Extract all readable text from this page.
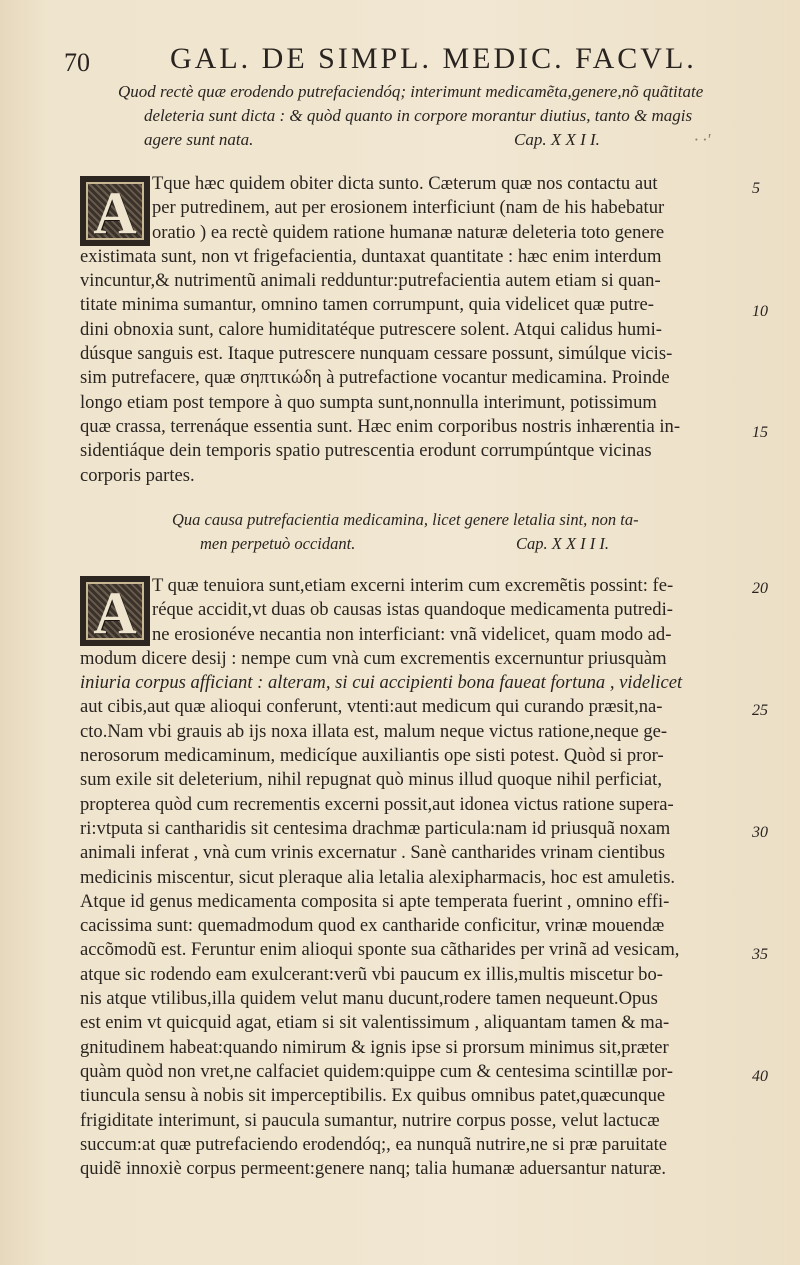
70	GAL. DE SIMPL. MEDIC. FACVL.

Quod rectè quæ erodendo putrefaciendóq; interimunt medicamẽta,genere,nõ quãtitate

deleteria sunt dicta : & quòd quanto in corpore morantur diutius, tanto & magis

agere sunt nata.	Cap. X X I I.	· ·'
A Tque hæc quidem obiter dicta sunto. Cæterum quæ nos contactu aut
per putredinem, aut per erosionem interficiunt (nam de his habebatur
oratio ) ea rectè quidem ratione humanæ naturæ deleteria toto genere
existimata sunt, non vt frigefacientia, duntaxat quantitate : hæc enim interdum
vincuntur,& nutrimentũ animali redduntur:putrefacientia autem etiam si quan-
titate minima sumantur, omnino tamen corrumpunt, quia videlicet quæ putre-
dini obnoxia sunt, calore humiditatéque putrescere solent. Atqui calidus humi-
dúsque sanguis est. Itaque putrescere nunquam cessare possunt, simúlque vicis-
sim putrefacere, quæ σηπτικώδη à putrefactione vocantur medicamina. Proinde
longo etiam post tempore à quo sumpta sunt,nonnulla interimunt, potissimum
quæ crassa, terrenáque essentia sunt. Hæc enim corporibus nostris inhærentia in-
sidentiáque dein temporis spatio putrescentia erodunt corrumpúntque vicinas
corporis partes.

Qua causa putrefacientia medicamina, licet genere letalia sint, non ta-

men perpetuò occidant.	Cap. X X I I I.
A T quæ tenuiora sunt,etiam excerni interim cum excremẽtis possint: fe-
réque accidit,vt duas ob causas istas quandoque medicamenta putredi-
ne erosionéve necantia non interficiant: vnã videlicet, quam modo ad-
modum dicere desij : nempe cum vnà cum excrementis excernuntur priusquàm
iniuria corpus afficiant : alteram, si cui accipienti bona faueat fortuna , videlicet
aut cibis,aut quæ alioqui conferunt, vtenti:aut medicum qui curando præsit,na-
cto.Nam vbi grauis ab ijs noxa illata est, malum neque victus ratione,neque ge-
nerosorum medicaminum, medicíque auxiliantis ope sisti potest. Quòd si pror-
sum exile sit deleterium, nihil repugnat quò minus illud quoque nihil perficiat,
propterea quòd cum recrementis excerni possit,aut idonea victus ratione supera-
ri:vtputa si cantharidis sit centesima drachmæ particula:nam id priusquã noxam
animali inferat , vnà cum vrinis excernatur . Sanè cantharides vrinam cientibus
medicinis miscentur, sicut pleraque alia letalia alexipharmacis, hoc est amuletis.
Atque id genus medicamenta composita si apte temperata fuerint , omnino effi-
cacissima sunt: quemadmodum quod ex cantharide conficitur, vrinæ mouendæ
accõmodũ est. Feruntur enim alioqui sponte sua cãtharides per vrinã ad vesicam,
atque sic rodendo eam exulcerant:verũ vbi paucum ex illis,multis miscetur bo-
nis atque vtilibus,illa quidem velut manu ducunt,rodere tamen nequeunt.Opus
est enim vt quicquid agat, etiam si sit valentissimum , aliquantam tamen & ma-
gnitudinem habeat:quando nimirum & ignis ipse si prorsum minimus sit,præter
quàm quòd non vret,ne calfaciet quidem:quippe cum & centesima scintillæ por-
tiuncula sensu à nobis sit imperceptibilis. Ex quibus omnibus patet,quæcunque
frigiditate interimunt, si paucula sumantur, nutrire corpus posse, velut lactucæ
succum:at quæ putrefaciendo erodendóq;, ea nunquã nutrire,ne si præ paruitate
quidẽ innoxiè corpus permeent:genere nanq; talia humanæ aduersantur naturæ.
5
10
15
20
25
30
35
40
